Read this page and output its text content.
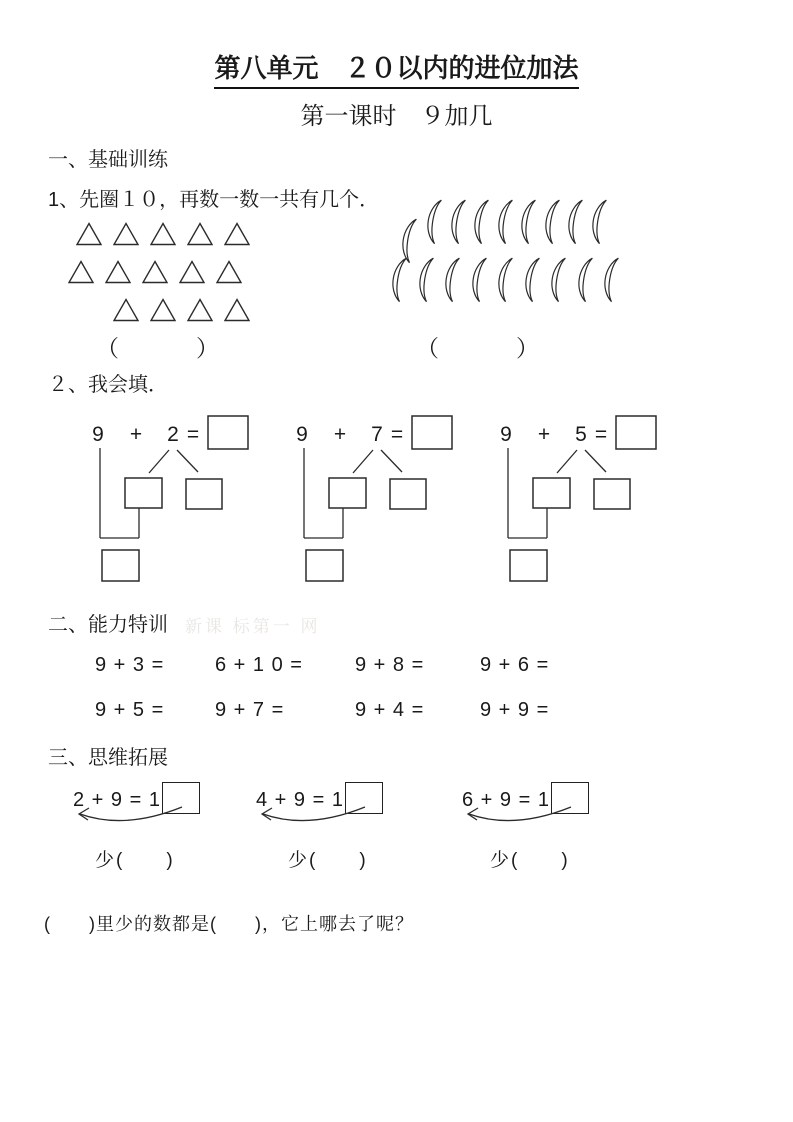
第八单元　２０以内的进位加法
第一课时　９加几
一、基础训练
1、先圈１０，再数一数一共有几个．
（　　　）	（　　　）
２、我会填．
9 + 2 =	9 + 7 =	9 + 5 =
二、能力特训 新课 标第一 网
9 + 3 =	6 + 1 0 =	9 + 8 =	9 + 6 =
9 + 5 =	9 + 7 =	9 + 4 =	9 + 9 =
三、思维拓展
2 + 9 = 1
少(　　)
4 + 9 = 1
少(　　)
6 + 9 = 1
少(　　)
(　　)里少的数都是(　　)，它上哪去了呢？
